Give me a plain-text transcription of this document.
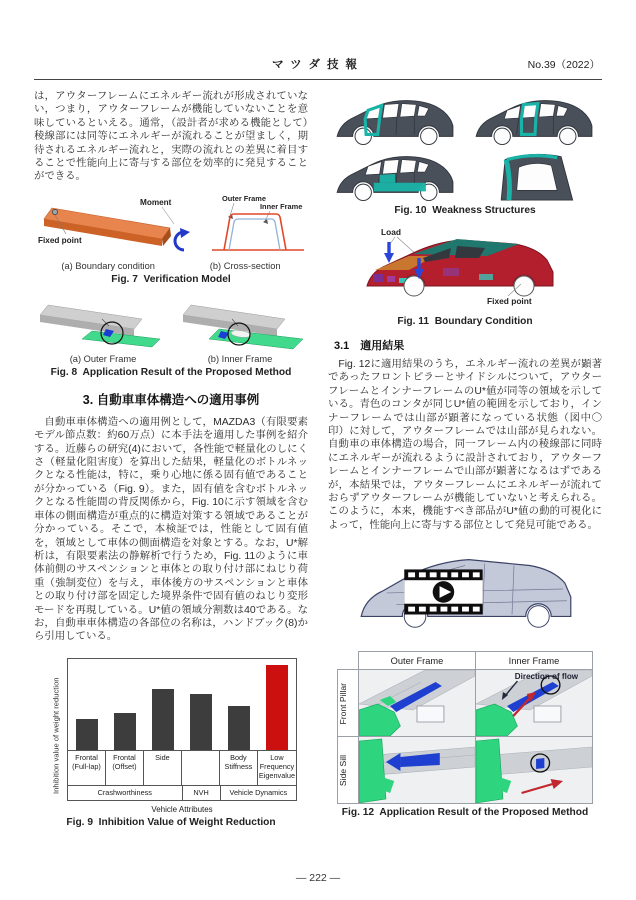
マツダ技報	No.39（2022）

は，アウターフレームにエネルギー流れが形成されていない，つまり，アウターフレームが機能していないことを意味しているといえる。通常，（設計者が求める機能として）稜線部には同等にエネルギーが流れることが望ましく，期待されるエネルギー流れと，実際の流れとの差異に着目することで性能向上に寄与する部位を効率的に発見することができる。

Moment
Fixed point
Outer Frame
Inner Frame
(a) Boundary condition	(b) Cross-section
Fig. 7  Verification Model
(a) Outer Frame	(b) Inner Frame
Fig. 8  Application Result of the Proposed Method
3. 自動車車体構造への適用事例

自動車車体構造への適用例として，MAZDA3（有限要素モデル節点数：約60万点）に本手法を適用した事例を紹介する。近藤らの研究(4)において，各性能で軽量化のしにくさ（軽量化阻害度）を算出した結果，軽量化のボトルネックとなる性能は，特に，乗り心地に係る固有値であることが分かっている（Fig. 9）。また，固有値を含むボトルネックとなる性能間の背反関係から，Fig. 10に示す領域を含む車体の側面構造が重点的に構造対策する領域であることが分かっている。そこで，本検証では，性能として固有値を，領域として車体の側面構造を対象とする。なお，U*解析は，有限要素法の静解析で行うため，Fig. 11のように車体前側のサスペンションと車体との取り付け部にねじり荷重（強制変位）を与え，車体後方のサスペンションと車体との取り付け部を固定した境界条件で固有値のねじり変形モードを再現している。U*値の領域分割数は40である。なお，自動車車体構造の各部位の名称は，ハンドブック(8)から引用している。

Inhibition value of weight reduction	Frontal (Full-lap)
Frontal (Offset)
Side	Body Stiffness
Low Frequency Eigenvalue
Crashworthiness	NVH	Vehicle Dynamics
Vehicle Attributes
Fig. 9  Inhibition Value of Weight Reduction
Fig. 10  Weakness Structures
Load
Fixed point
Fig. 11  Boundary Condition
3.1　適用結果

Fig. 12に適用結果のうち，エネルギー流れの差異が顕著であったフロントピラーとサイドシルについて，アウターフレームとインナーフレームのU*値が同等の領域を示している。青色のコンタが同じU*値の範囲を示しており，インナーフレームでは山部が顕著になっている状態（図中〇印）に対して，アウターフレームでは山部が見られない。自動車の車体構造の場合，同一フレーム内の稜線部に同時にエネルギーが流れるように設計されており，アウターフレームとインナーフレームで山部が顕著になるはずであるが，本結果では，アウターフレームにエネルギーが流れておらずアウターフレームが機能していないと考えられる。このように，本来，機能すべき部品がU*値の動的可視化によって，性能向上に寄与する部位として発見可能である。

	Outer Frame	Inner Frame

Front Pillar		Direction of flow

Side Sill

Fig. 12  Application Result of the Proposed Method
— 222 —
